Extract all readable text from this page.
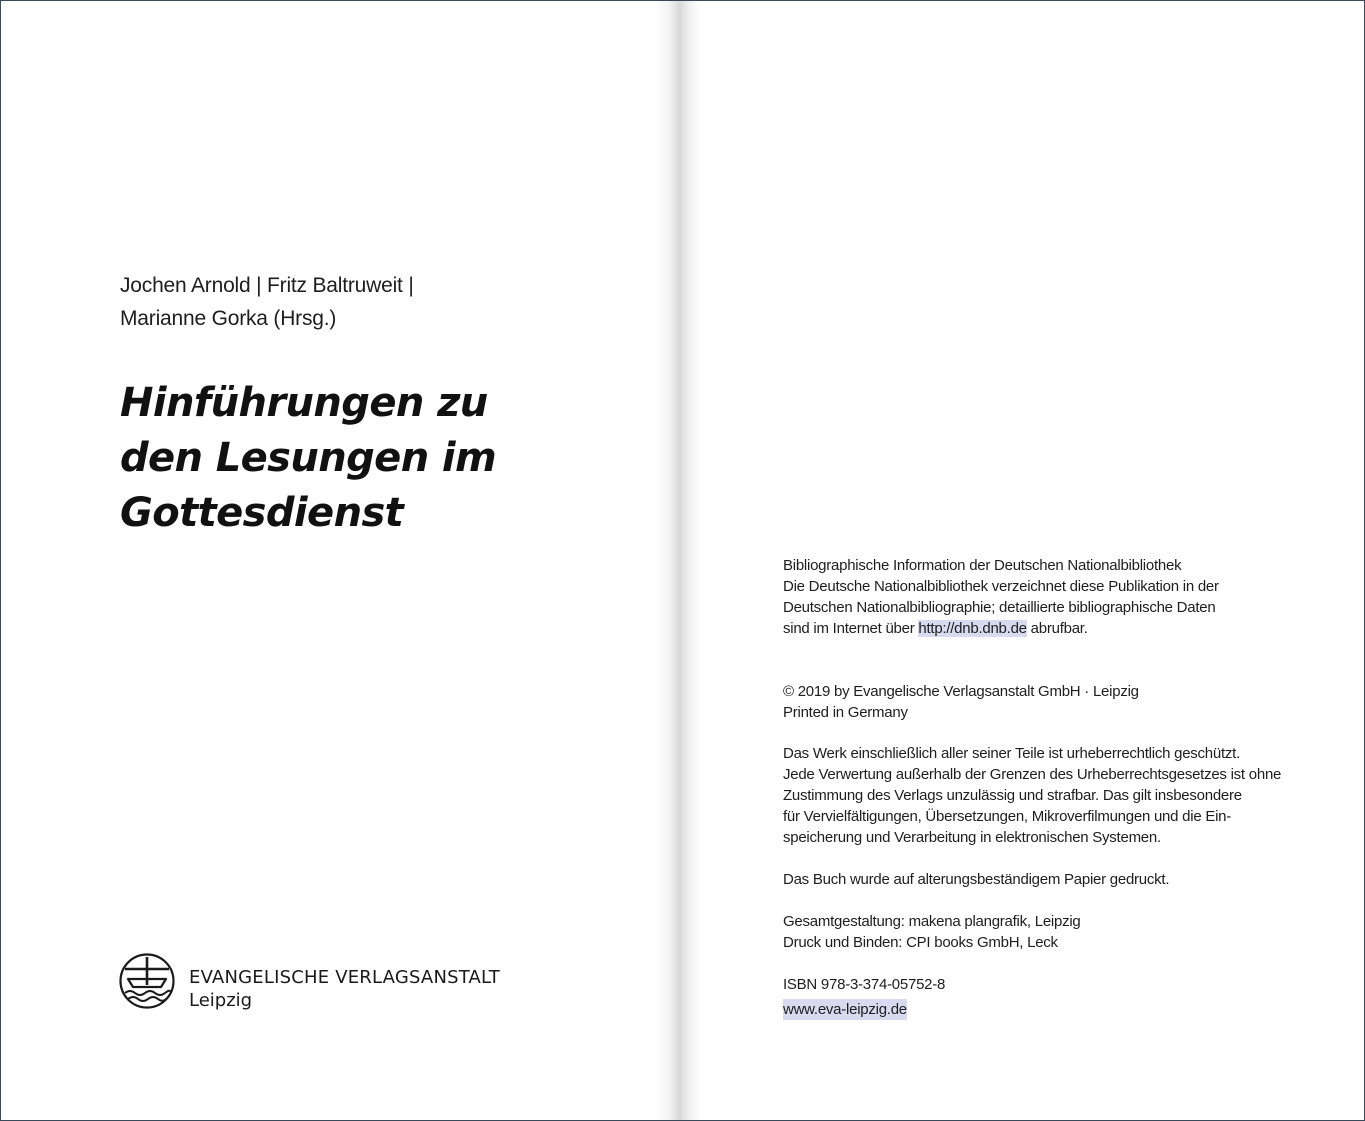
Jochen Arnold | Fritz Baltruweit |
Marianne Gorka (Hrsg.)
Hinführungen zu
den Lesungen im
Gottesdienst
EVANGELISCHE VERLAGSANSTALT
Leipzig
Bibliographische Information der Deutschen Nationalbibliothek
Die Deutsche Nationalbibliothek verzeichnet diese Publikation in der
Deutschen Nationalbibliographie; detaillierte bibliographische Daten
sind im Internet über http://dnb.dnb.de abrufbar.
© 2019 by Evangelische Verlagsanstalt GmbH · Leipzig
Printed in Germany
Das Werk einschließlich aller seiner Teile ist urheberrechtlich geschützt.
Jede Verwertung außerhalb der Grenzen des Urheberrechtsgesetzes ist ohne
Zustimmung des Verlags unzulässig und strafbar. Das gilt insbesondere
für Vervielfältigungen, Übersetzungen, Mikroverfilmungen und die Ein-
speicherung und Verarbeitung in elektronischen Systemen.
Das Buch wurde auf alterungsbeständigem Papier gedruckt.
Gesamtgestaltung: makena plangrafik, Leipzig
Druck und Binden: CPI books GmbH, Leck
ISBN 978-3-374-05752-8
www.eva-leipzig.de
